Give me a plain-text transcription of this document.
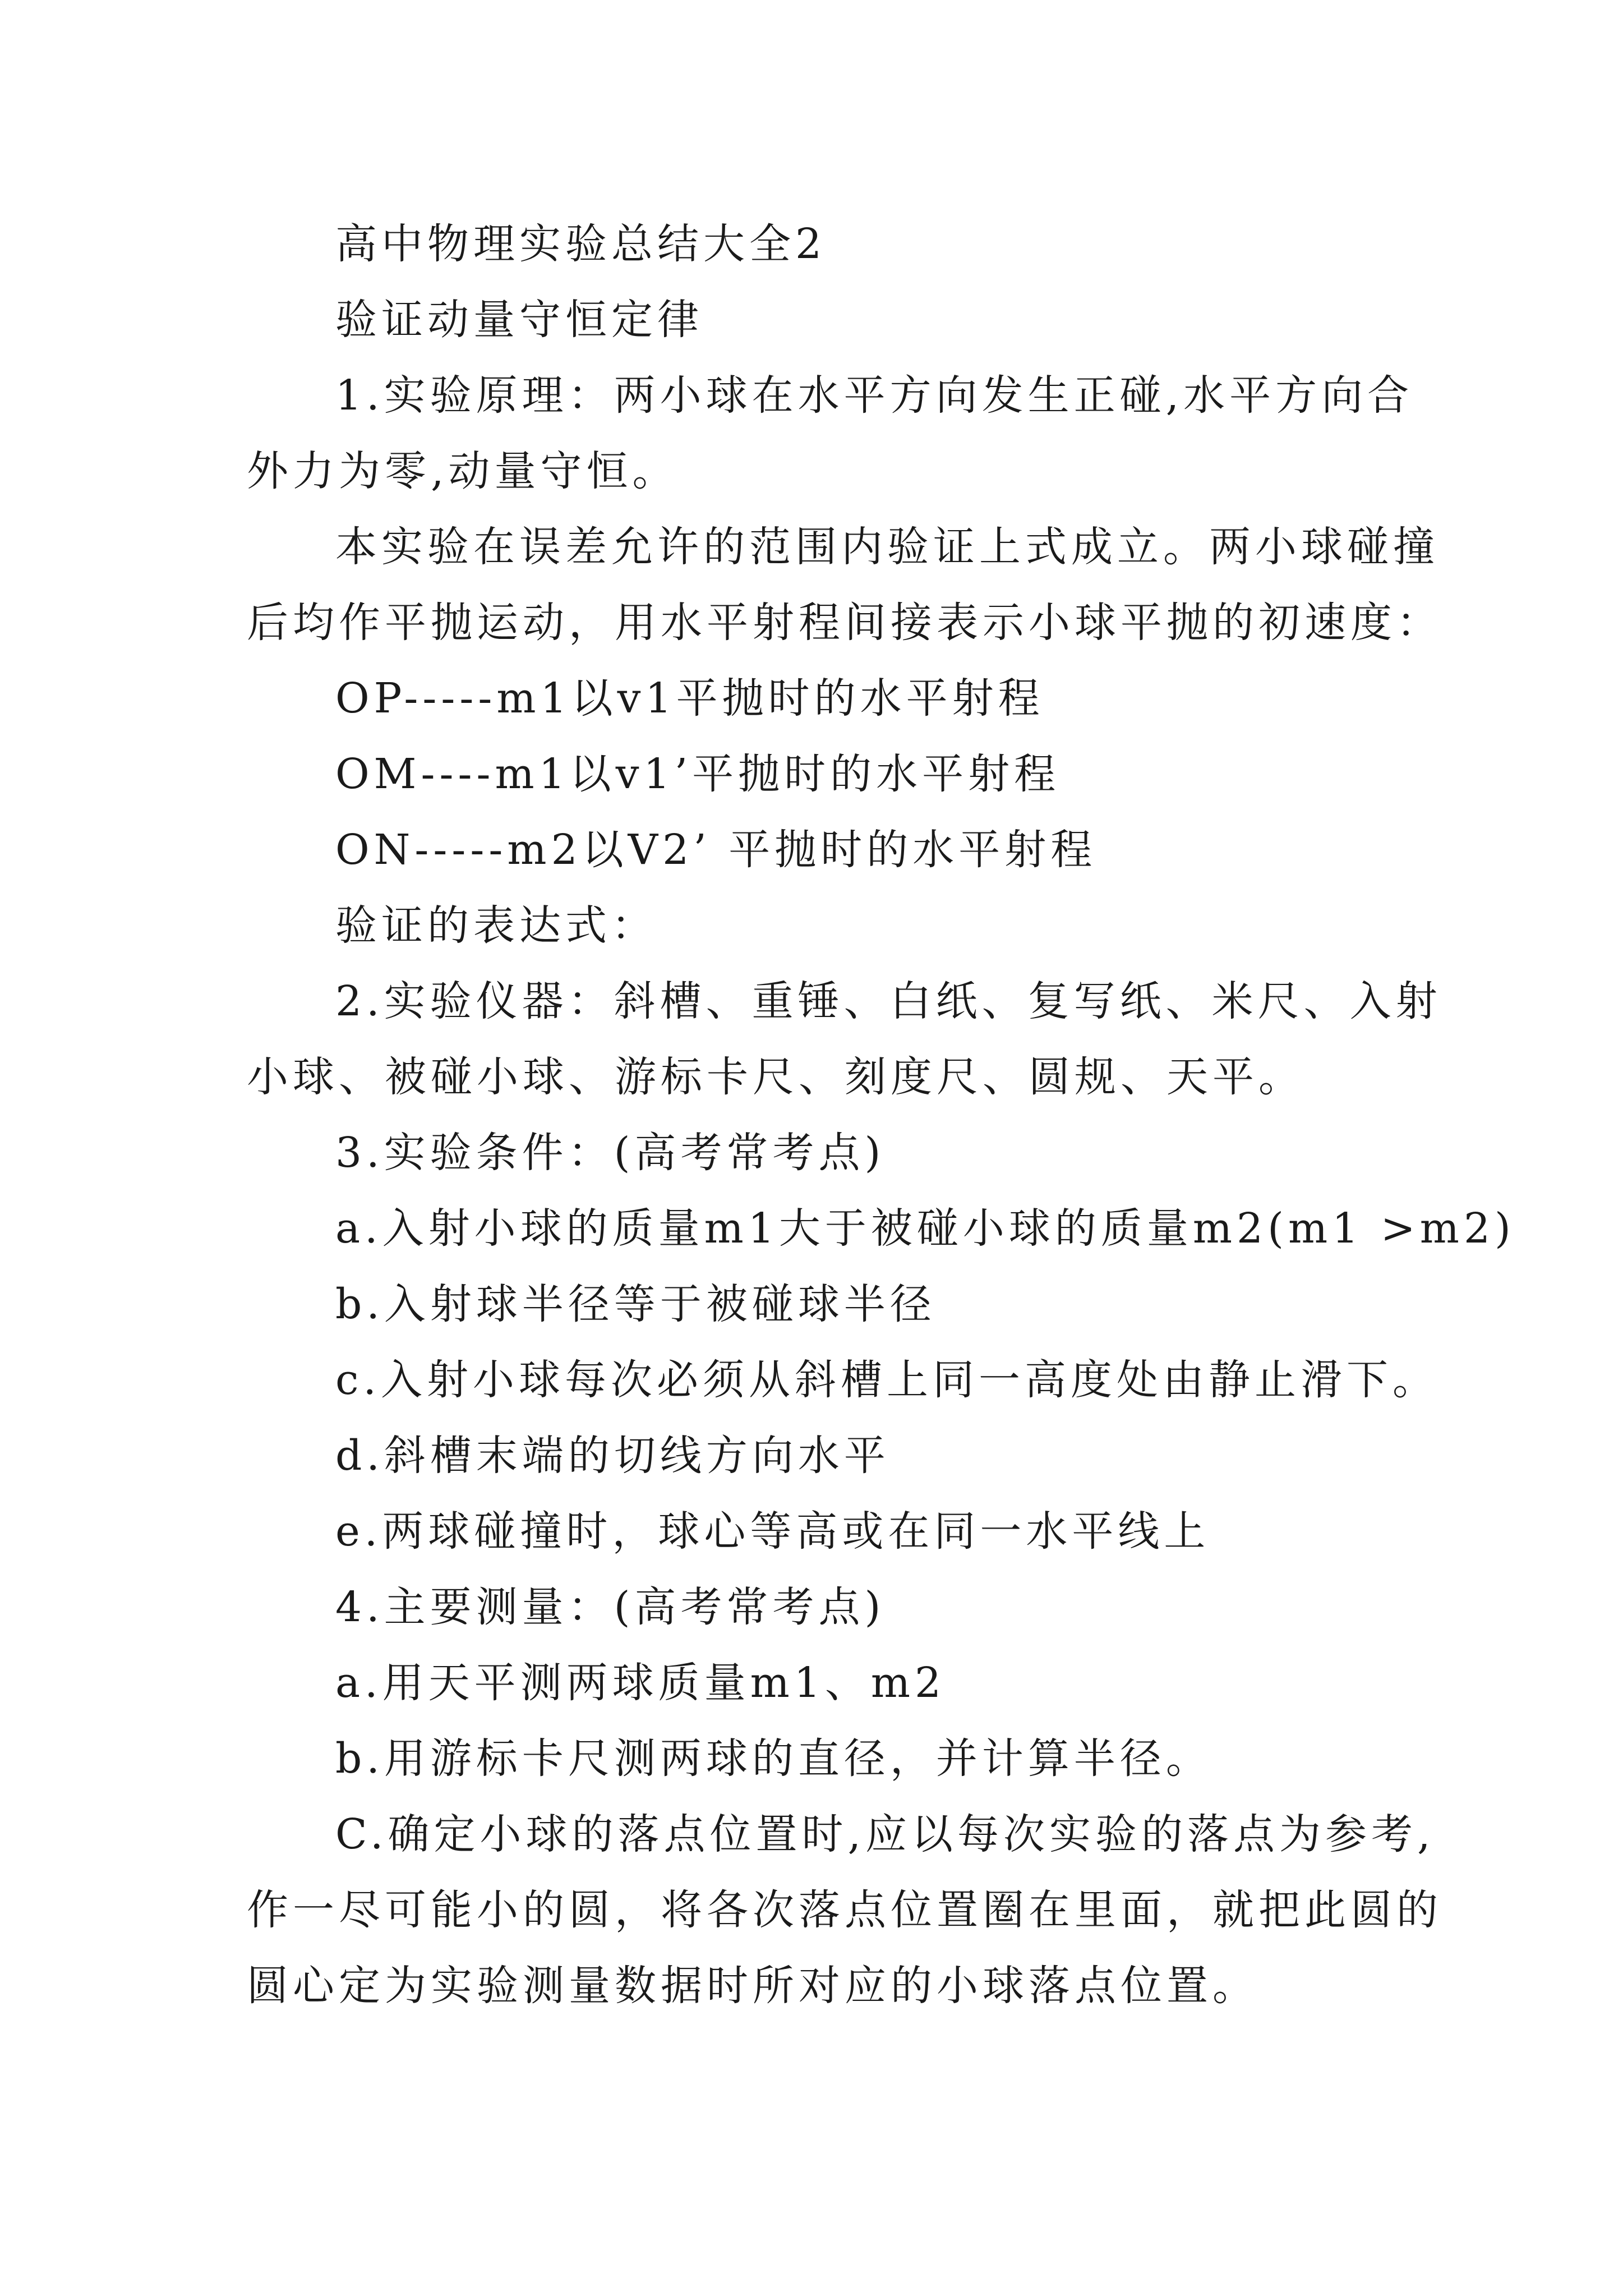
高中物理实验总结大全2
验证动量守恒定律
1.实验原理：两小球在水平方向发生正碰,水平方向合
外力为零,动量守恒。
本实验在误差允许的范围内验证上式成立。两小球碰撞
后均作平抛运动，用水平射程间接表示小球平抛的初速度：
OP-----m1以v1平抛时的水平射程
OM----m1以v1’平抛时的水平射程
ON-----m2以V2’ 平抛时的水平射程
验证的表达式：
2.实验仪器：斜槽、重锤、白纸、复写纸、米尺、入射
小球、被碰小球、游标卡尺、刻度尺、圆规、天平。
3.实验条件：(高考常考点)
a.入射小球的质量m1大于被碰小球的质量m2(m1 >m2)
b.入射球半径等于被碰球半径
c.入射小球每次必须从斜槽上同一高度处由静止滑下。
d.斜槽末端的切线方向水平
e.两球碰撞时，球心等高或在同一水平线上
4.主要测量：(高考常考点)
a.用天平测两球质量m1、m2
b.用游标卡尺测两球的直径，并计算半径。
C.确定小球的落点位置时,应以每次实验的落点为参考,
作一尽可能小的圆，将各次落点位置圈在里面，就把此圆的
圆心定为实验测量数据时所对应的小球落点位置。
